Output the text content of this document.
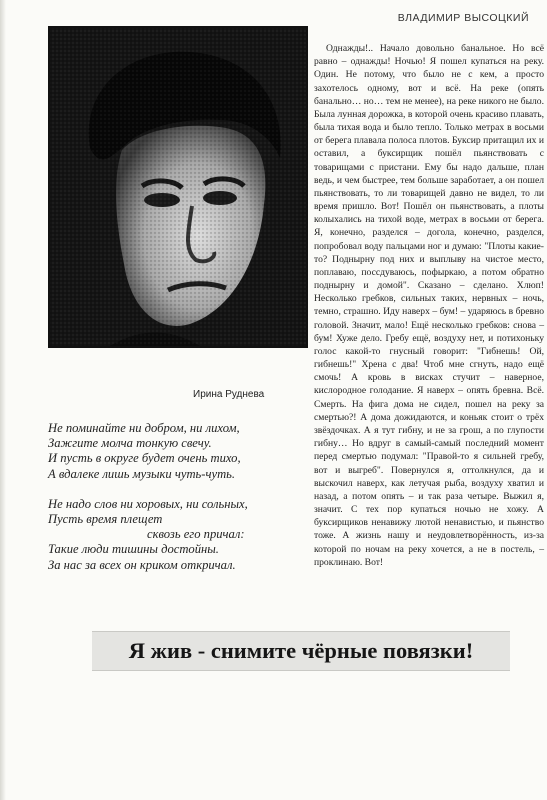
ВЛАДИМИР ВЫСОЦКИЙ
Ирина Руднева
Не поминайте ни добром, ни лихом,
Зажгите молча тонкую свечу.
И пусть в округе будет очень тихо,
А вдалеке лишь музыки чуть-чуть.
Не надо слов ни хоровых, ни сольных,
Пусть время плещет
сквозь его причал:
Такие люди тишины достойны.
За нас за всех он криком откричал.
Однажды!.. Начало довольно банальное. Но всё равно – однажды! Ночью! Я пошел купаться на реку. Один. Не потому, что было не с кем, а просто захотелось одному, вот и всё. На реке (опять банально… но… тем не менее), на реке никого не было. Была лунная дорожка, в которой очень красиво плавать, была тихая вода и было тепло. Только метрах в восьми от берега плавала полоса плотов. Буксир притащил их и оставил, а буксирщик пошёл пьянствовать с товарищами с пристани. Ему бы надо дальше, план ведь, и чем быстрее, тем больше заработает, а он пошел пьянствовать, то ли товарищей давно не видел, то ли время пришло. Вот! Пошёл он пьянствовать, а плоты колыхались на тихой воде, метрах в восьми от берега. Я, конечно, разделся – догола, конечно, разделся, попробовал воду пальцами ног и думаю: "Плоты какие-то? Поднырну под них и выплыву на чистое место, поплаваю, поссдуваюсь, пофыркаю, а потом обратно поднырну и домой". Сказано – сделано. Хлюп! Несколько гребков, сильных таких, нервных – ночь, темно, страшно. Иду наверх – бум! – ударяюсь в бревно головой. Значит, мало! Ещё несколько гребков: снова – бум! Хуже дело. Гребу ещё, воздуху нет, и потихоньку голос какой-то гнусный говорит: "Гибнешь! Ой, гибнешь!" Хрена с два! Чтоб мне сгнуть, надо ещё смочь! А кровь в висках стучит – наверное, кислородное голодание. Я наверх – опять бревна. Всё. Смерть. На фига дома не сидел, пошел на реку за смертью?! А дома дожидаются, и коньяк стоит о трёх звёздочках. А я тут гибну, и не за грош, а по глупости гибну… Но вдруг в самый-самый последний момент перед смертью подумал: "Правой-то я сильней гребу, вот и выгреб". Повернулся я, оттолкнулся, да и выскочил наверх, как летучая рыба, воздуху хватил и назад, а потом опять – и так раза четыре. Выжил я, значит. С тех пор купаться ночью не хожу. А буксирщиков ненавижу лютой ненавистью, и пьянство тоже. А жизнь нашу и неудовлетворённость, из-за которой по ночам на реку хочется, а не в постель, – проклинаю. Вот!
Я жив - снимите чёрные повязки!
